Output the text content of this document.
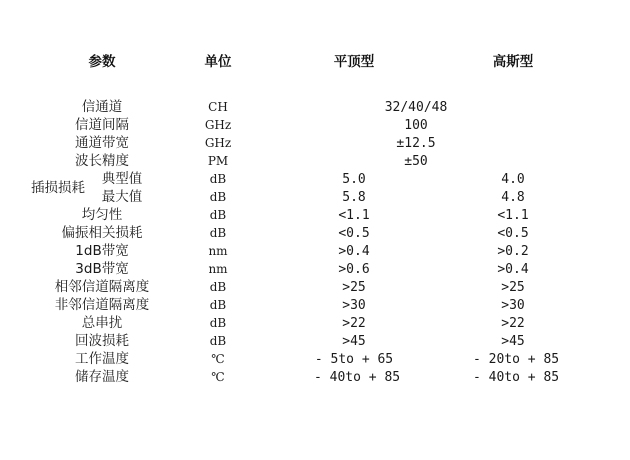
参数	单位	平顶型	高斯型
信通道	CH	32/40/48
信道间隔	GHz	100
通道带宽	GHz	±12.5
波长精度	PM	±50
插损损耗
典型值	dB	5.0	4.0
最大值	dB	5.8	4.8
均匀性	dB	<1.1	<1.1
偏振相关损耗	dB	<0.5	<0.5
1dB带宽	nm	>0.4	>0.2
3dB带宽	nm	>0.6	>0.4
相邻信道隔离度	dB	>25	>25
非邻信道隔离度	dB	>30	>30
总串扰	dB	>22	>22
回波损耗	dB	>45	>45
工作温度	℃	- 5to + 65	- 20to + 85
储存温度	℃	- 40to + 85	- 40to + 85
